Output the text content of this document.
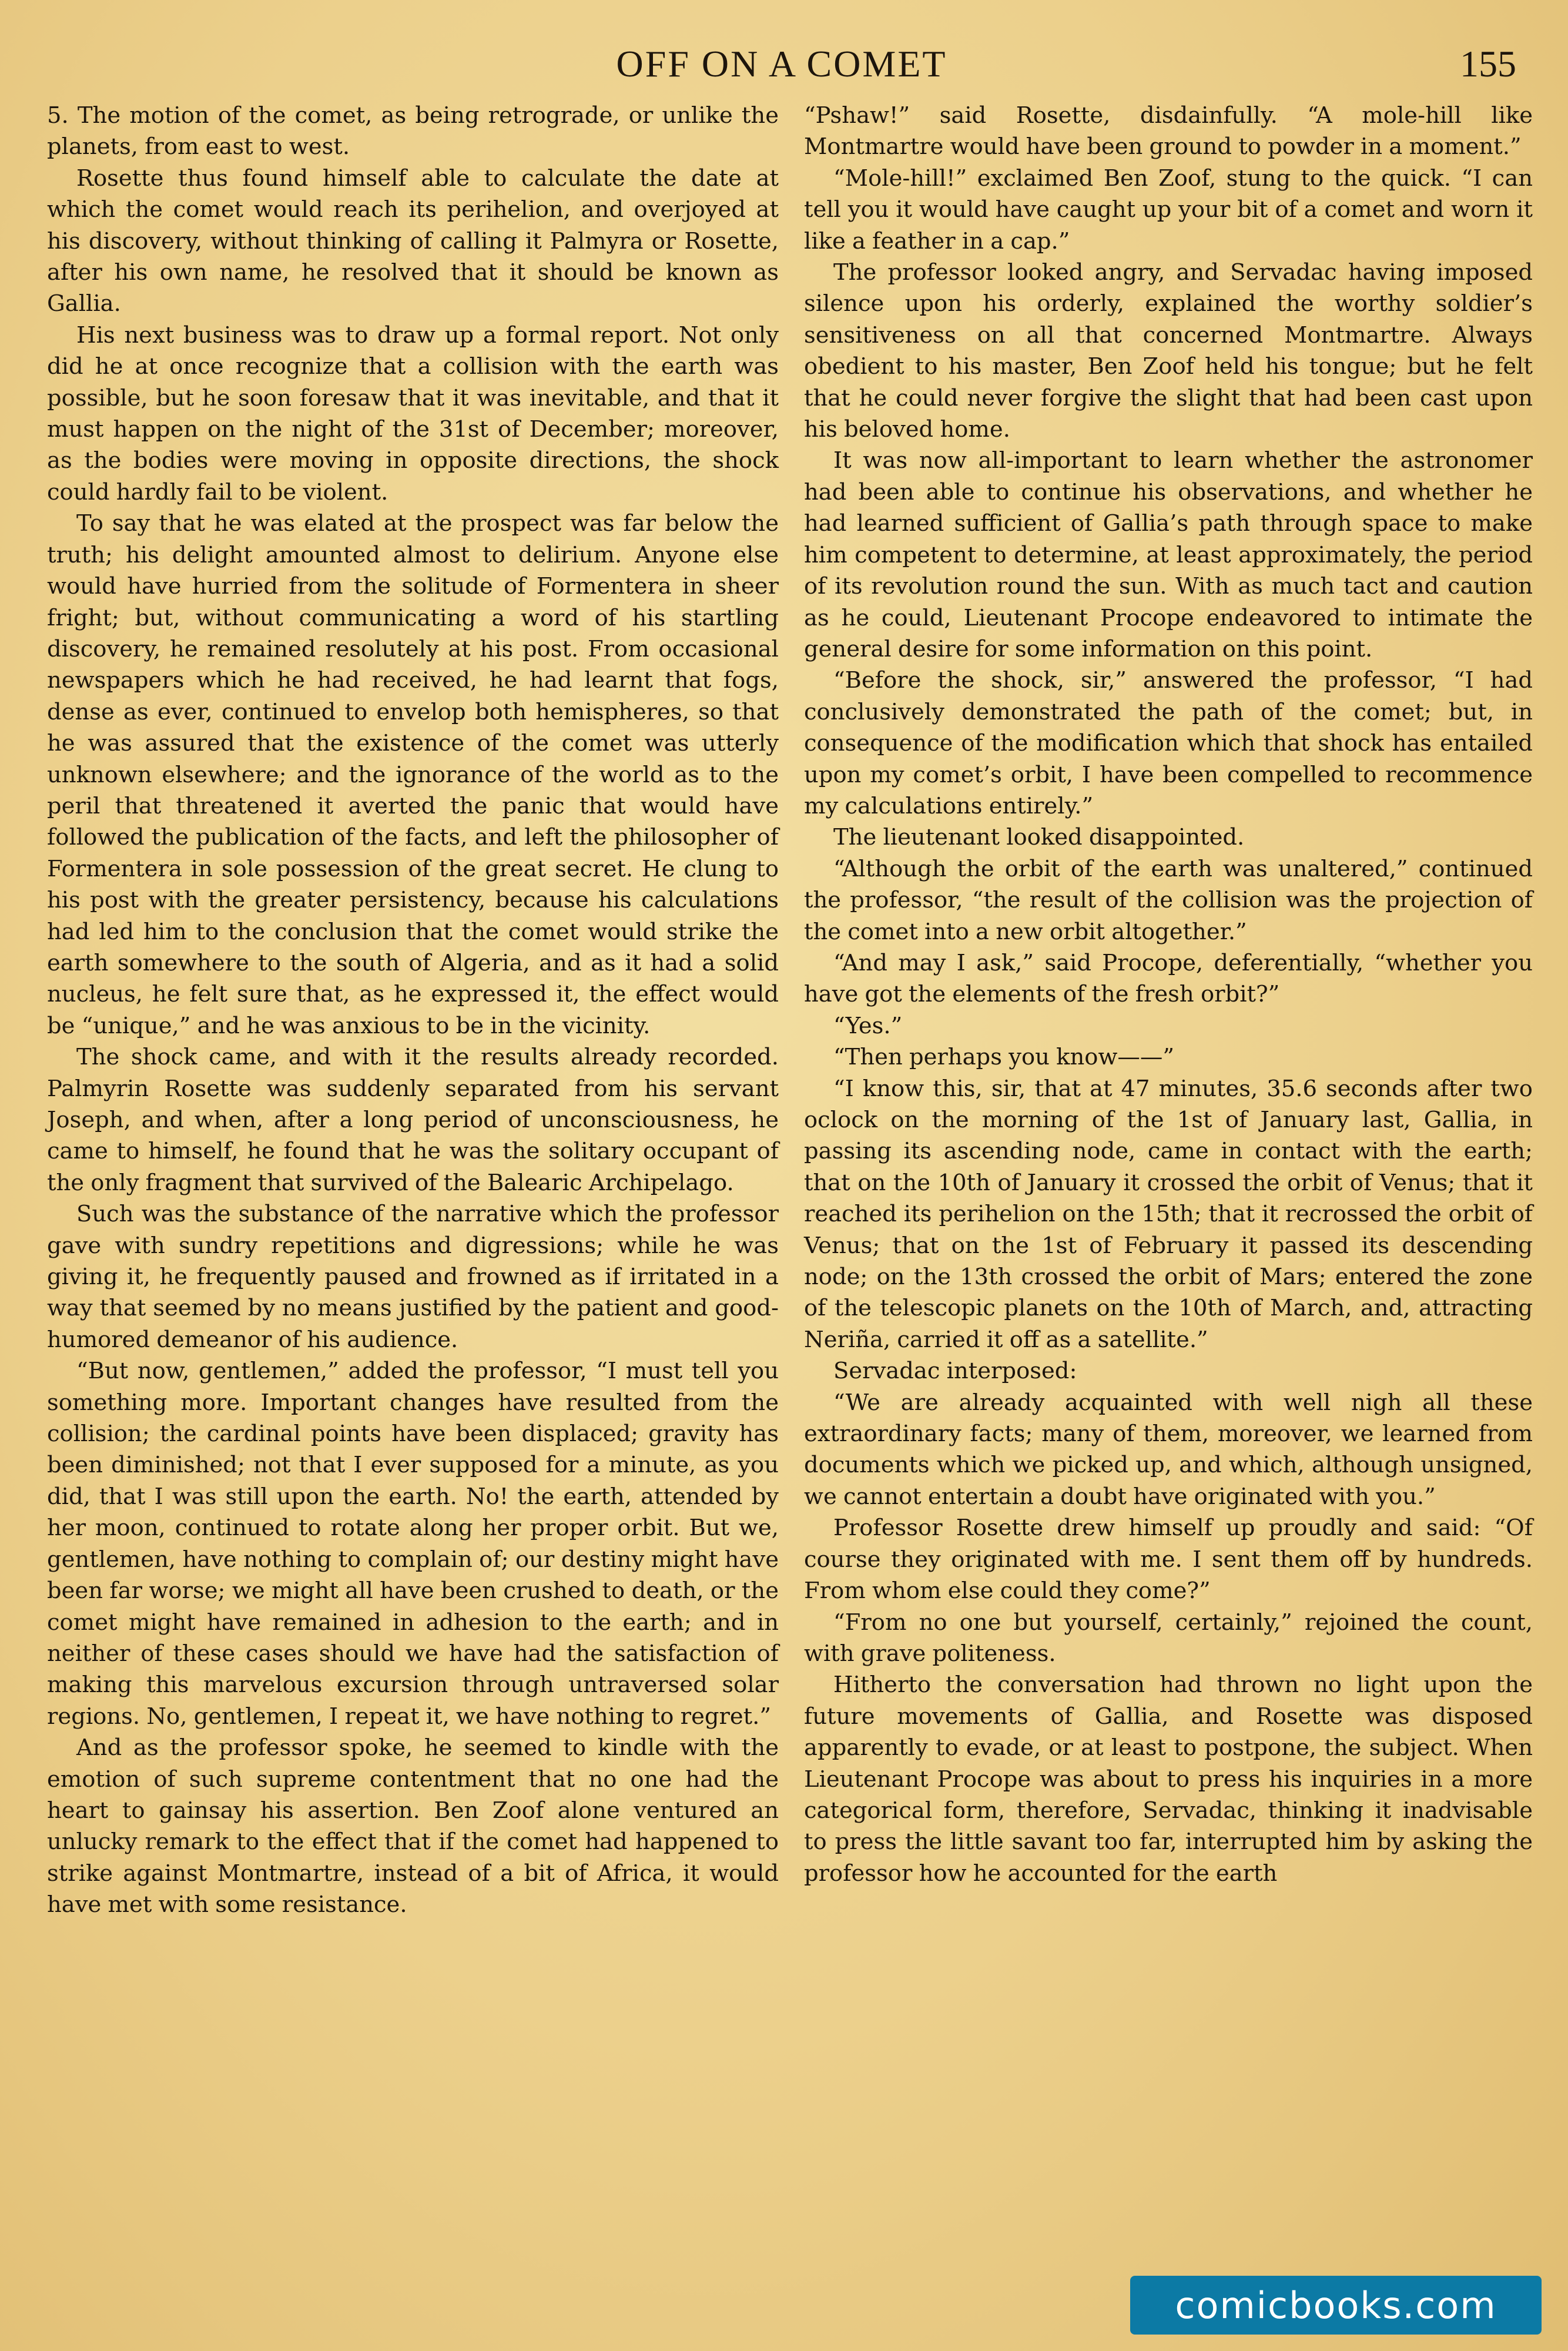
OFF ON A COMET	155

5. The motion of the comet, as being retrograde, or unlike the planets, from east to west.

Rosette thus found himself able to calculate the date at which the comet would reach its perihelion, and overjoyed at his discovery, without thinking of calling it Palmyra or Rosette, after his own name, he resolved that it should be known as Gallia.

His next business was to draw up a formal report. Not only did he at once recognize that a collision with the earth was possible, but he soon foresaw that it was inevitable, and that it must happen on the night of the 31st of December; moreover, as the bodies were moving in opposite directions, the shock could hardly fail to be violent.

To say that he was elated at the prospect was far below the truth; his delight amounted almost to delirium. Anyone else would have hurried from the solitude of Formentera in sheer fright; but, without communicating a word of his startling discovery, he remained resolutely at his post. From occasional newspapers which he had received, he had learnt that fogs, dense as ever, continued to envelop both hemispheres, so that he was assured that the existence of the comet was utterly unknown elsewhere; and the ignorance of the world as to the peril that threatened it averted the panic that would have followed the publication of the facts, and left the philosopher of Formentera in sole possession of the great secret. He clung to his post with the greater persistency, because his calculations had led him to the conclusion that the comet would strike the earth somewhere to the south of Algeria, and as it had a solid nucleus, he felt sure that, as he expressed it, the effect would be “unique,” and he was anxious to be in the vicinity.

The shock came, and with it the results already recorded. Palmyrin Rosette was suddenly separated from his servant Joseph, and when, after a long period of unconsciousness, he came to himself, he found that he was the solitary occupant of the only fragment that survived of the Balearic Archipelago.

Such was the substance of the narrative which the professor gave with sundry repetitions and digressions; while he was giving it, he frequently paused and frowned as if irritated in a way that seemed by no means justified by the patient and good-humored demeanor of his audience.

“But now, gentlemen,” added the professor, “I must tell you something more. Important changes have resulted from the collision; the cardinal points have been displaced; gravity has been diminished; not that I ever supposed for a minute, as you did, that I was still upon the earth. No! the earth, attended by her moon, continued to rotate along her proper orbit. But we, gentlemen, have nothing to complain of; our destiny might have been far worse; we might all have been crushed to death, or the comet might have remained in adhesion to the earth; and in neither of these cases should we have had the satisfaction of making this marvelous excursion through untraversed solar regions. No, gentlemen, I repeat it, we have nothing to regret.”

And as the professor spoke, he seemed to kindle with the emotion of such supreme contentment that no one had the heart to gainsay his assertion. Ben Zoof alone ventured an unlucky remark to the effect that if the comet had happened to strike against Montmartre, instead of a bit of Africa, it would have met with some resistance.

“Pshaw!” said Rosette, disdainfully. “A mole-hill like Montmartre would have been ground to powder in a moment.”

“Mole-hill!” exclaimed Ben Zoof, stung to the quick. “I can tell you it would have caught up your bit of a comet and worn it like a feather in a cap.”

The professor looked angry, and Servadac having imposed silence upon his orderly, explained the worthy soldier’s sensitiveness on all that concerned Montmartre. Always obedient to his master, Ben Zoof held his tongue; but he felt that he could never forgive the slight that had been cast upon his beloved home.

It was now all-important to learn whether the astronomer had been able to continue his observations, and whether he had learned sufficient of Gallia’s path through space to make him competent to determine, at least approximately, the period of its revolution round the sun. With as much tact and caution as he could, Lieutenant Procope endeavored to intimate the general desire for some information on this point.

“Before the shock, sir,” answered the professor, “I had conclusively demonstrated the path of the comet; but, in consequence of the modification which that shock has entailed upon my comet’s orbit, I have been compelled to recommence my calculations entirely.”

The lieutenant looked disappointed.

“Although the orbit of the earth was unaltered,” continued the professor, “the result of the collision was the projection of the comet into a new orbit altogether.”

“And may I ask,” said Procope, deferentially, “whether you have got the elements of the fresh orbit?”

“Yes.”

“Then perhaps you know——”

“I know this, sir, that at 47 minutes, 35.6 seconds after two oclock on the morning of the 1st of January last, Gallia, in passing its ascending node, came in contact with the earth; that on the 10th of January it crossed the orbit of Venus; that it reached its perihelion on the 15th; that it recrossed the orbit of Venus; that on the 1st of February it passed its descending node; on the 13th crossed the orbit of Mars; entered the zone of the telescopic planets on the 10th of March, and, attracting Neriña, carried it off as a satellite.”

Servadac interposed:

“We are already acquainted with well nigh all these extraordinary facts; many of them, moreover, we learned from documents which we picked up, and which, although unsigned, we cannot entertain a doubt have originated with you.”

Professor Rosette drew himself up proudly and said: “Of course they originated with me. I sent them off by hundreds. From whom else could they come?”

“From no one but yourself, certainly,” rejoined the count, with grave politeness.

Hitherto the conversation had thrown no light upon the future movements of Gallia, and Rosette was disposed apparently to evade, or at least to postpone, the subject. When Lieutenant Procope was about to press his inquiries in a more categorical form, therefore, Servadac, thinking it inadvisable to press the little savant too far, interrupted him by asking the professor how he accounted for the earth

comicbooks.com
